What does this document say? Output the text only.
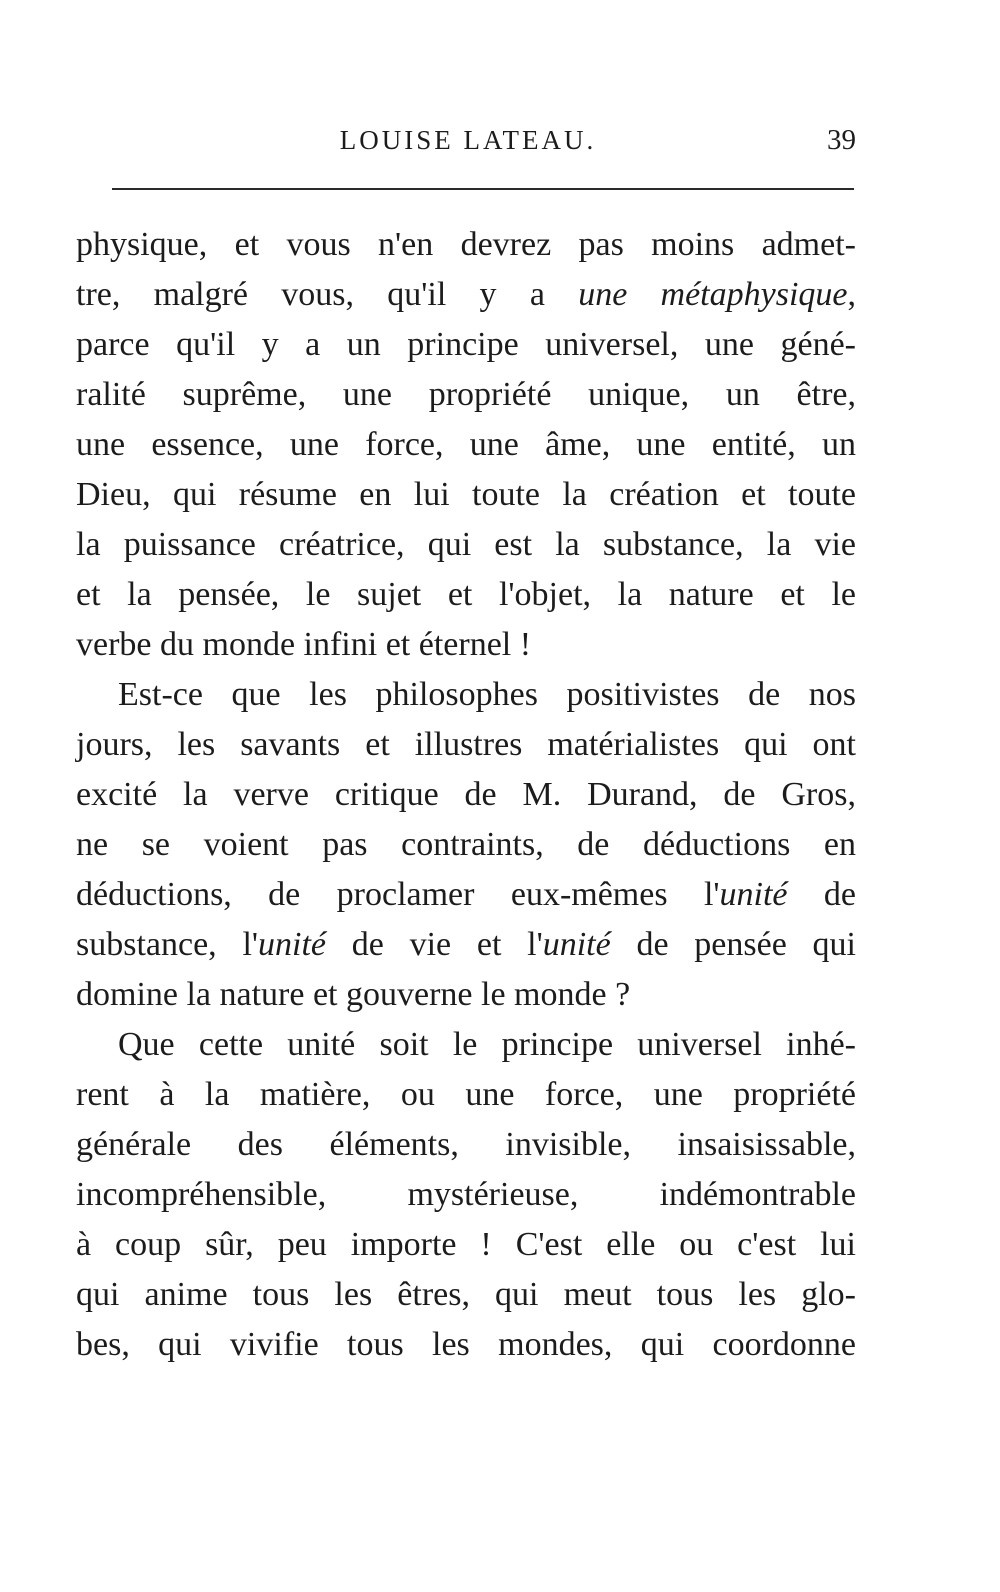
LOUISE LATEAU.	39
physique, et vous n'en devrez pas moins admet-
tre, malgré vous, qu'il y a une métaphysique,
parce qu'il y a un principe universel, une géné-
ralité suprême, une propriété unique, un être,
une essence, une force, une âme, une entité, un
Dieu, qui résume en lui toute la création et toute
la puissance créatrice, qui est la substance, la vie
et la pensée, le sujet et l'objet, la nature et le
verbe du monde infini et éternel !
Est-ce que les philosophes positivistes de nos
jours, les savants et illustres matérialistes qui ont
excité la verve critique de M. Durand, de Gros,
ne se voient pas contraints, de déductions en
déductions, de proclamer eux-mêmes l'unité de
substance, l'unité de vie et l'unité de pensée qui
domine la nature et gouverne le monde ?
Que cette unité soit le principe universel inhé-
rent à la matière, ou une force, une propriété
générale des éléments, invisible, insaisissable,
incompréhensible, mystérieuse, indémontrable
à coup sûr, peu importe ! C'est elle ou c'est lui
qui anime tous les êtres, qui meut tous les glo-
bes, qui vivifie tous les mondes, qui coordonne
